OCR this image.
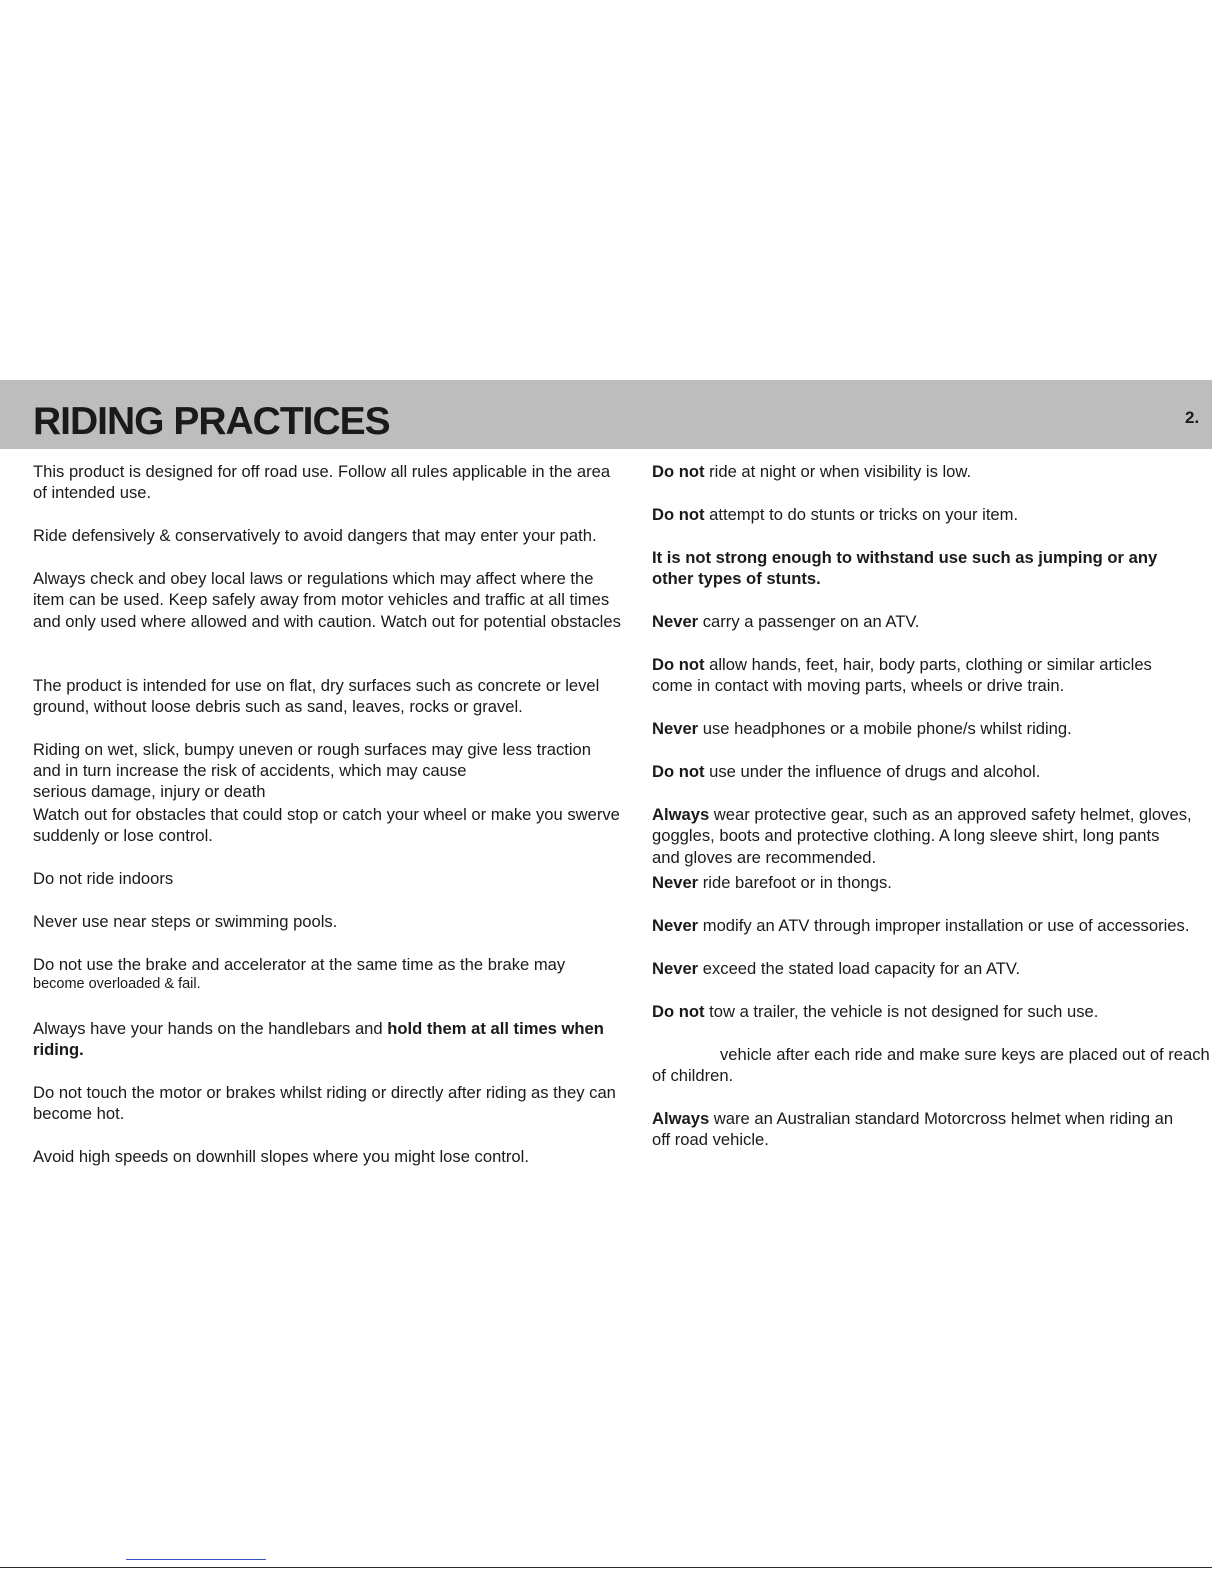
RIDING PRACTICES	2.

This product is designed for off road use. Follow all rules applicable in the area of intended use.

Ride defensively & conservatively to avoid dangers that may enter your path.

Always check and obey local laws or regulations which may affect where the item can be used. Keep safely away from motor vehicles and traffic at all times and only used where allowed and with caution. Watch out for potential obstacles

The product is intended for use on flat, dry surfaces such as concrete or level ground, without loose debris such as sand, leaves, rocks or gravel.

Riding on wet, slick, bumpy uneven or rough surfaces may give less traction and in turn increase the risk of accidents, which may cause

serious damage, injury or death

Watch out for obstacles that could stop or catch your wheel or make you swerve suddenly or lose control.

Do not ride indoors

Never use near steps or swimming pools.

Do not use the brake and accelerator at the same time as the brake may

become overloaded & fail.

Always have your hands on the handlebars and hold them at all times when riding.

Do not touch the motor or brakes whilst riding or directly after riding as they can become hot.

Avoid high speeds on downhill slopes where you might lose control.

Do not ride at night or when visibility is low.

Do not attempt to do stunts or tricks on your item.

It is not strong enough to withstand use such as jumping or any

other types of stunts.

Never carry a passenger on an ATV.

Do not allow hands, feet, hair, body parts, clothing or similar articles

come in contact with moving parts, wheels or drive train.

Never use headphones or a mobile phone/s whilst riding.

Do not use under the influence of drugs and alcohol.

Always wear protective gear, such as an approved safety helmet, gloves,

goggles, boots and protective clothing. A long sleeve shirt, long pants

and gloves are recommended.

Never ride barefoot or in thongs.

Never modify an ATV through improper installation or use of accessories.

Never exceed the stated load capacity for an ATV.

Do not tow a trailer, the vehicle is not designed for such use.

vehicle after each ride and make sure keys are placed out of reach

of children.

Always ware an Australian standard Motorcross helmet when riding an

off road vehicle.
